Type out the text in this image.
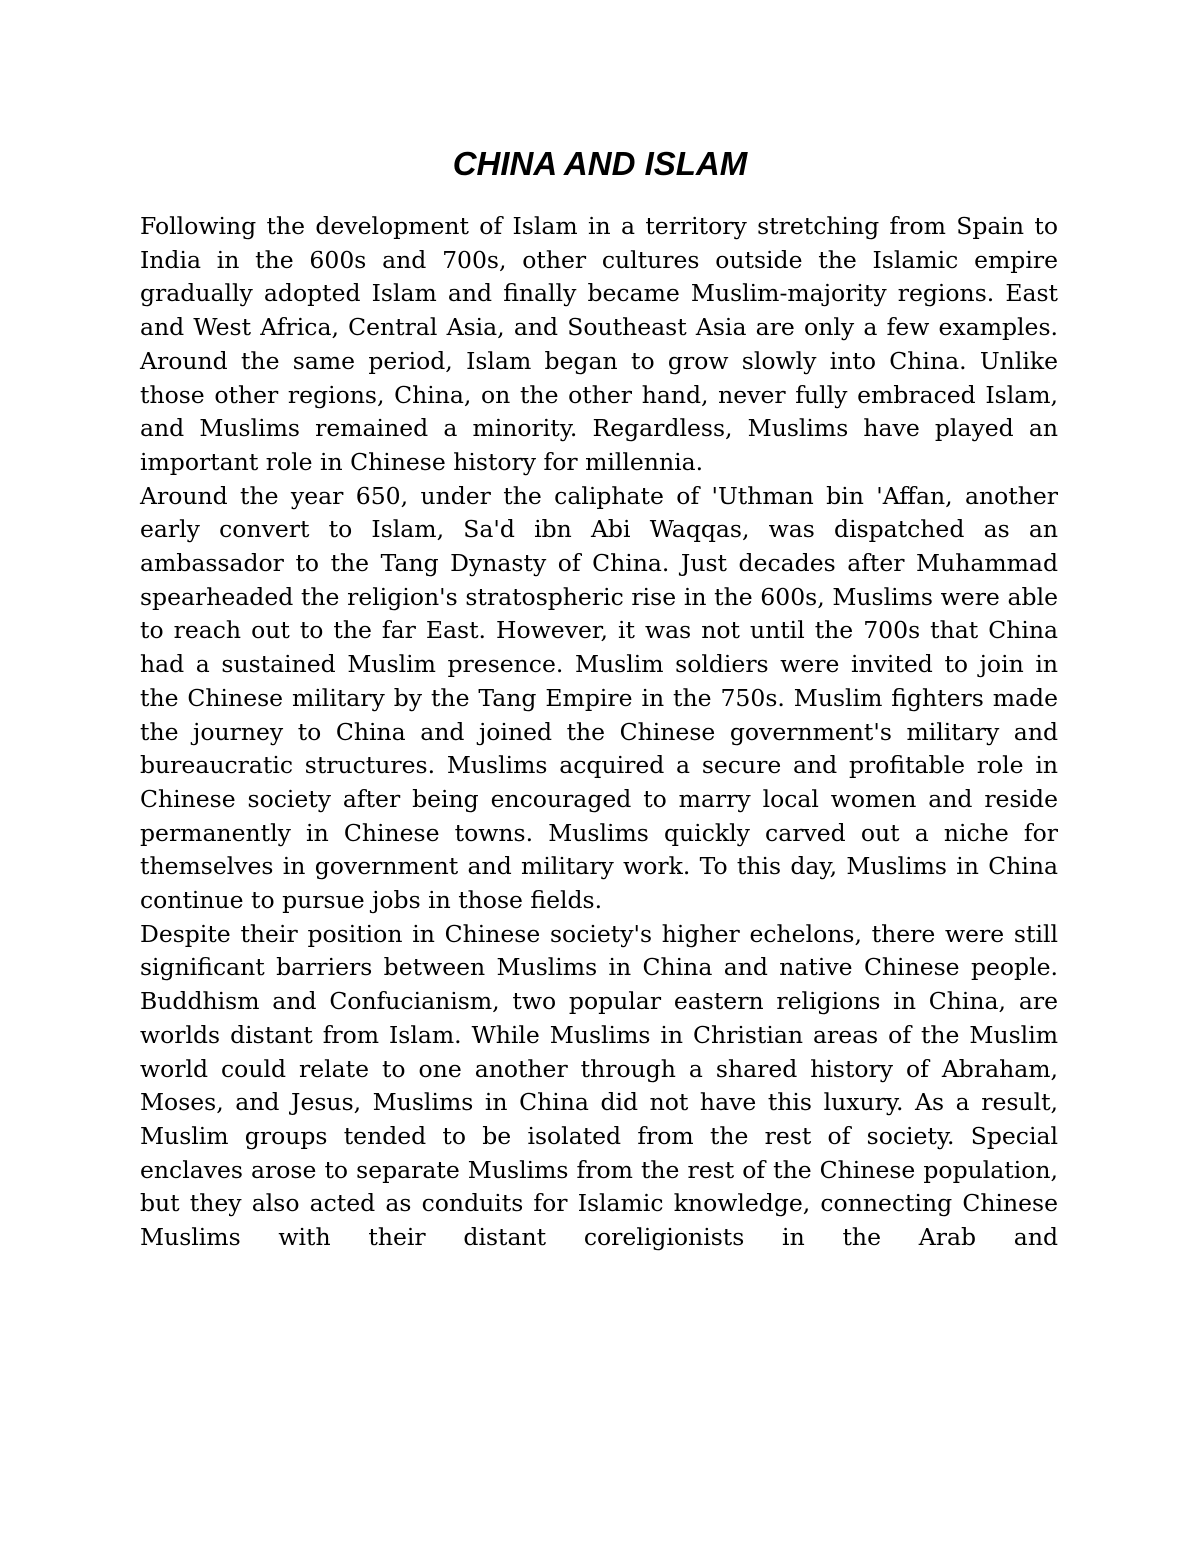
CHINA AND ISLAM

Following the development of Islam in a territory stretching from Spain to India in the 600s and 700s, other cultures outside the Islamic empire gradually adopted Islam and finally became Muslim-majority regions. East and West Africa, Central Asia, and Southeast Asia are only a few examples. Around the same period, Islam began to grow slowly into China. Unlike those other regions, China, on the other hand, never fully embraced Islam, and Muslims remained a minority. Regardless, Muslims have played an important role in Chinese history for millennia.

Around the year 650, under the caliphate of 'Uthman bin 'Affan, another early convert to Islam, Sa'd ibn Abi Waqqas, was dispatched as an ambassador to the Tang Dynasty of China. Just decades after Muhammad spearheaded the religion's stratospheric rise in the 600s, Muslims were able to reach out to the far East. However, it was not until the 700s that China had a sustained Muslim presence. Muslim soldiers were invited to join in the Chinese military by the Tang Empire in the 750s. Muslim fighters made the journey to China and joined the Chinese government's military and bureaucratic structures. Muslims acquired a secure and profitable role in Chinese society after being encouraged to marry local women and reside permanently in Chinese towns. Muslims quickly carved out a niche for themselves in government and military work. To this day, Muslims in China continue to pursue jobs in those fields.

Despite their position in Chinese society's higher echelons, there were still significant barriers between Muslims in China and native Chinese people. Buddhism and Confucianism, two popular eastern religions in China, are worlds distant from Islam. While Muslims in Christian areas of the Muslim world could relate to one another through a shared history of Abraham, Moses, and Jesus, Muslims in China did not have this luxury. As a result, Muslim groups tended to be isolated from the rest of society. Special enclaves arose to separate Muslims from the rest of the Chinese population, but they also acted as conduits for Islamic knowledge, connecting Chinese Muslims with their distant coreligionists in the Arab and
